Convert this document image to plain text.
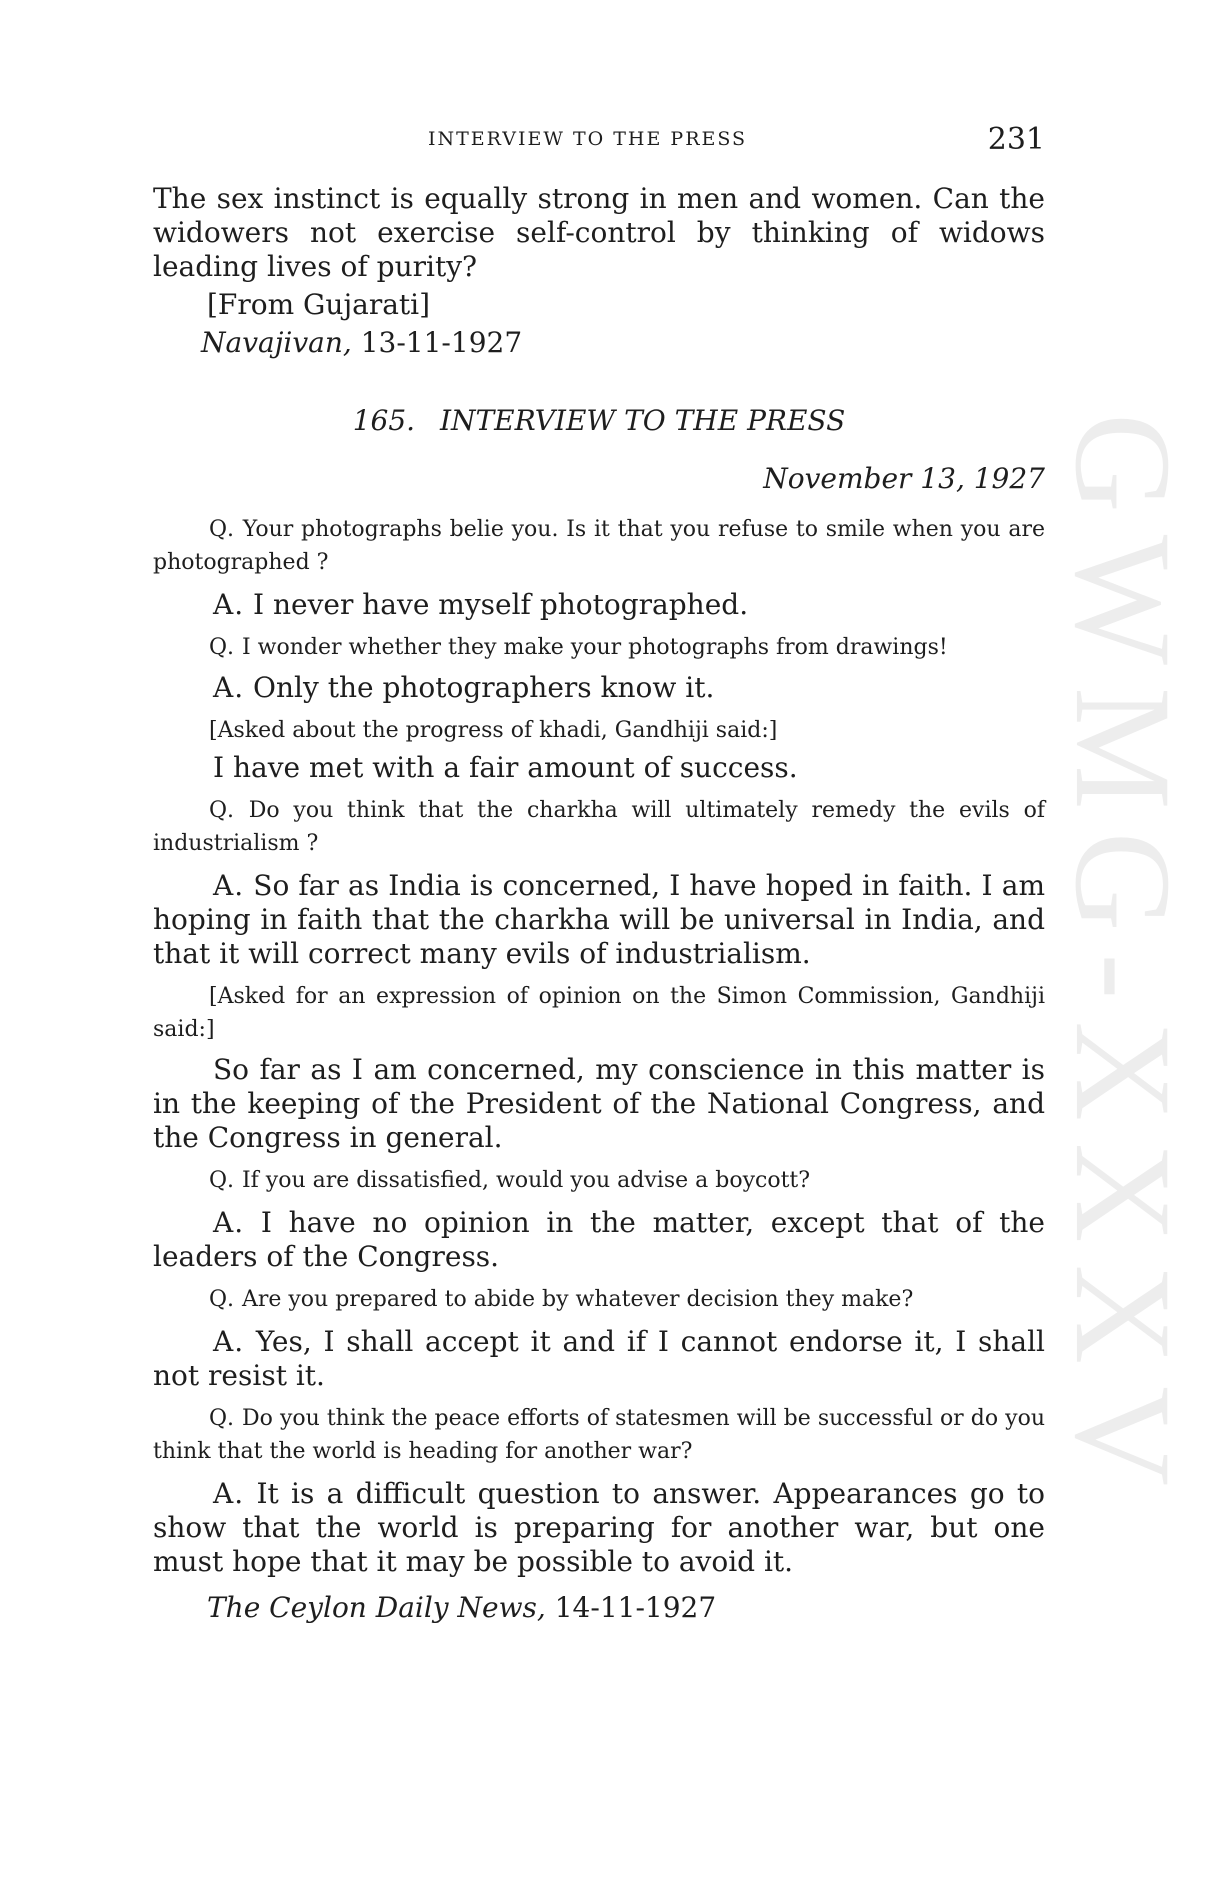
GWMG-XXXV
INTERVIEW TO THE PRESS	231

The sex instinct is equally strong in men and women. Can the widowers not exercise self-control by thinking of widows leading lives of purity?

[From Gujarati]

Navajivan, 13-11-1927

165. INTERVIEW TO THE PRESS
November 13, 1927

Q. Your photographs belie you. Is it that you refuse to smile when you are photographed ?

A. I never have myself photographed.

Q. I wonder whether they make your photographs from drawings!

A. Only the photographers know it.

[Asked about the progress of khadi, Gandhiji said:]

I have met with a fair amount of success.

Q. Do you think that the charkha will ultimately remedy the evils of industrialism ?

A. So far as India is concerned, I have hoped in faith. I am hoping in faith that the charkha will be universal in India, and that it will correct many evils of industrialism.

[Asked for an expression of opinion on the Simon Commission, Gandhiji said:]

So far as I am concerned, my conscience in this matter is in the keeping of the President of the National Congress, and the Congress in general.

Q. If you are dissatisfied, would you advise a boycott?

A. I have no opinion in the matter, except that of the leaders of the Congress.

Q. Are you prepared to abide by whatever decision they make?

A. Yes, I shall accept it and if I cannot endorse it, I shall not resist it.

Q. Do you think the peace efforts of statesmen will be successful or do you think that the world is heading for another war?

A. It is a difficult question to answer. Appearances go to show that the world is preparing for another war, but one must hope that it may be possible to avoid it.

The Ceylon Daily News, 14-11-1927
